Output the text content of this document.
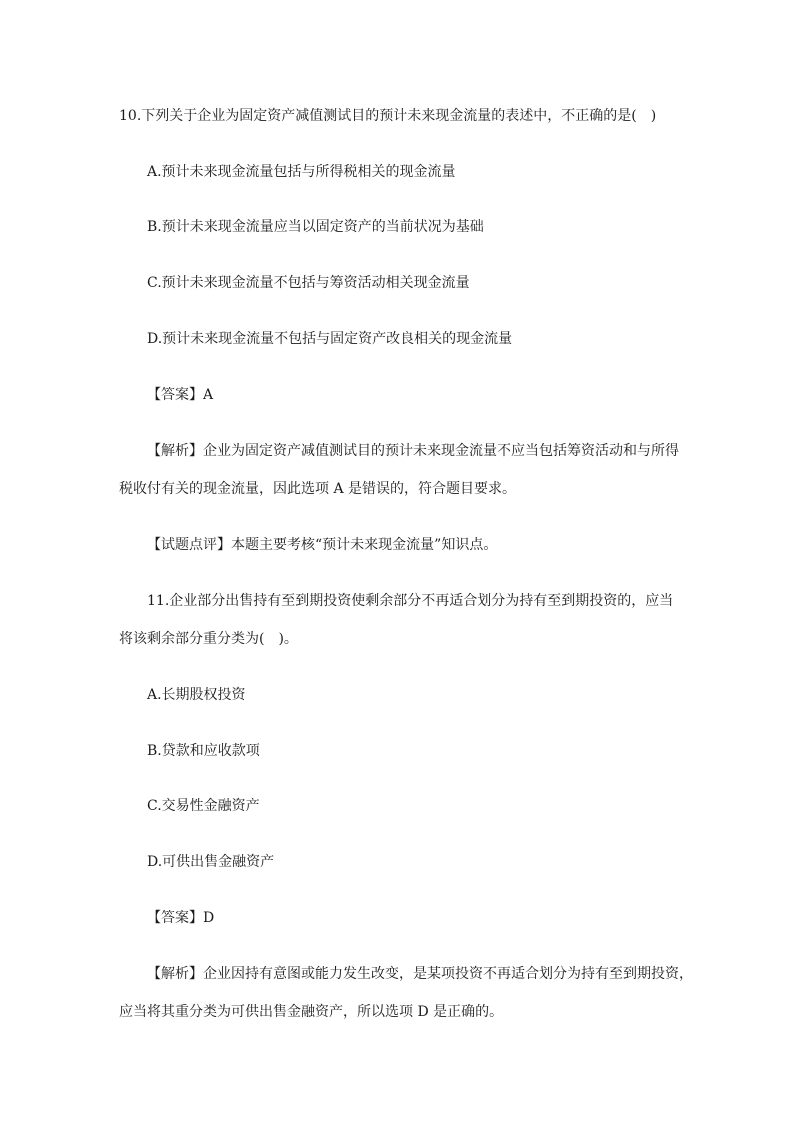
10.下列关于企业为固定资产减值测试目的预计未来现金流量的表述中，不正确的是(　)
A.预计未来现金流量包括与所得税相关的现金流量
B.预计未来现金流量应当以固定资产的当前状况为基础
C.预计未来现金流量不包括与筹资活动相关现金流量
D.预计未来现金流量不包括与固定资产改良相关的现金流量
【答案】A
【解析】企业为固定资产减值测试目的预计未来现金流量不应当包括筹资活动和与所得
税收付有关的现金流量，因此选项 A 是错误的，符合题目要求。
【试题点评】本题主要考核“预计未来现金流量”知识点。
11.企业部分出售持有至到期投资使剩余部分不再适合划分为持有至到期投资的，应当
将该剩余部分重分类为(　)。
A.长期股权投资
B.贷款和应收款项
C.交易性金融资产
D.可供出售金融资产
【答案】D
【解析】企业因持有意图或能力发生改变，是某项投资不再适合划分为持有至到期投资，
应当将其重分类为可供出售金融资产，所以选项 D 是正确的。
